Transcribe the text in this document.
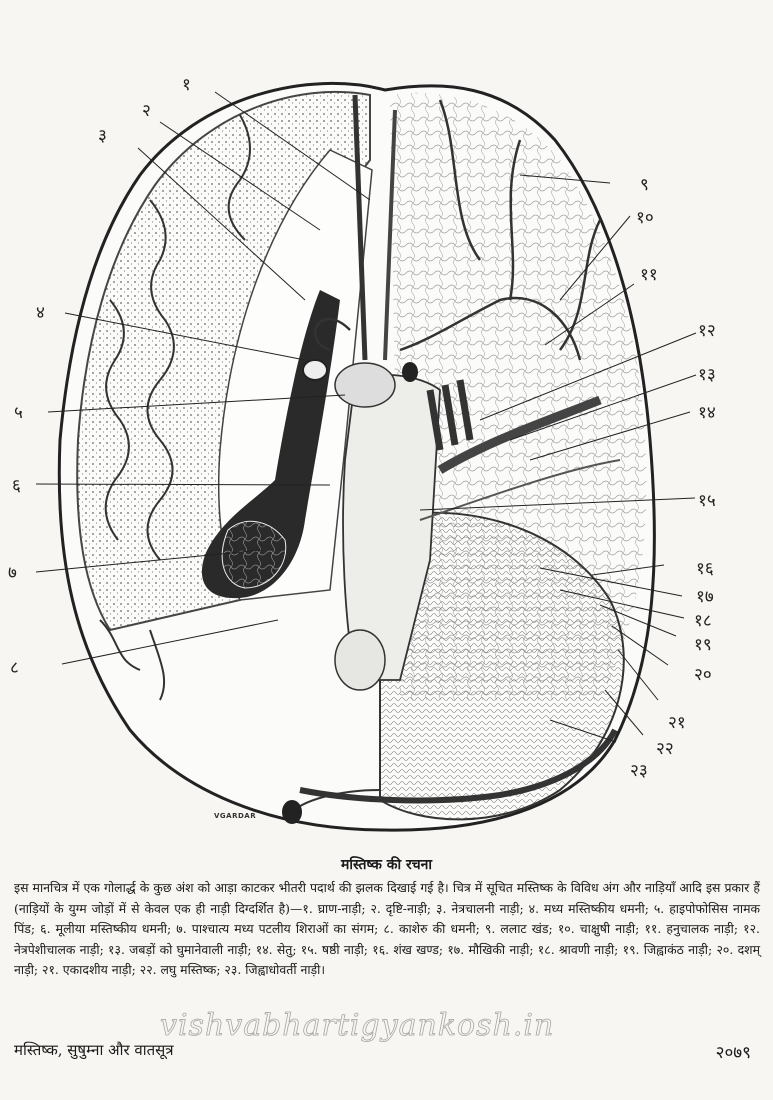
१
२
३
४
५
६
७
८
९
१०
११
१२
१३
१४
१५
१६
१७
१८
१९
२०
२१
२२
२३
VGARDAR
मस्तिष्क की रचना

इस मानचित्र में एक गोलार्द्ध के कुछ अंश को आड़ा काटकर भीतरी पदार्थ की झलक दिखाई गई है। चित्र में सूचित मस्तिष्क के विविध अंग और नाड़ियाँ आदि इस प्रकार हैं (नाड़ियों के युग्म जोड़ों में से केवल एक ही नाड़ी दिग्दर्शित है)—१. घ्राण-नाड़ी; २. दृष्टि-नाड़ी; ३. नेत्रचालनी नाड़ी; ४. मध्य मस्तिष्कीय धमनी; ५. हाइपोफोसिस नामक पिंड; ६. मूलीया मस्तिष्कीय धमनी; ७. पाश्चात्य मध्य पटलीय शिराओं का संगम; ८. काशेरु की धमनी; ९. ललाट खंड; १०. चाक्षुषी नाड़ी; ११. हनुचालक नाड़ी; १२. नेत्रपेशीचालक नाड़ी; १३. जबड़ों को घुमानेवाली नाड़ी; १४. सेतु; १५. षष्ठी नाड़ी; १६. शंख खण्ड; १७. मौखिकी नाड़ी; १८. श्रावणी नाड़ी; १९. जिह्वाकंठ नाड़ी; २०. दशम् नाड़ी; २१. एकादशीय नाड़ी; २२. लघु मस्तिष्क; २३. जिह्वाधोवर्ती नाड़ी।

vishvabhartigyankosh.in
मस्तिष्क, सुषुम्ना और वातसूत्र	२०७९
